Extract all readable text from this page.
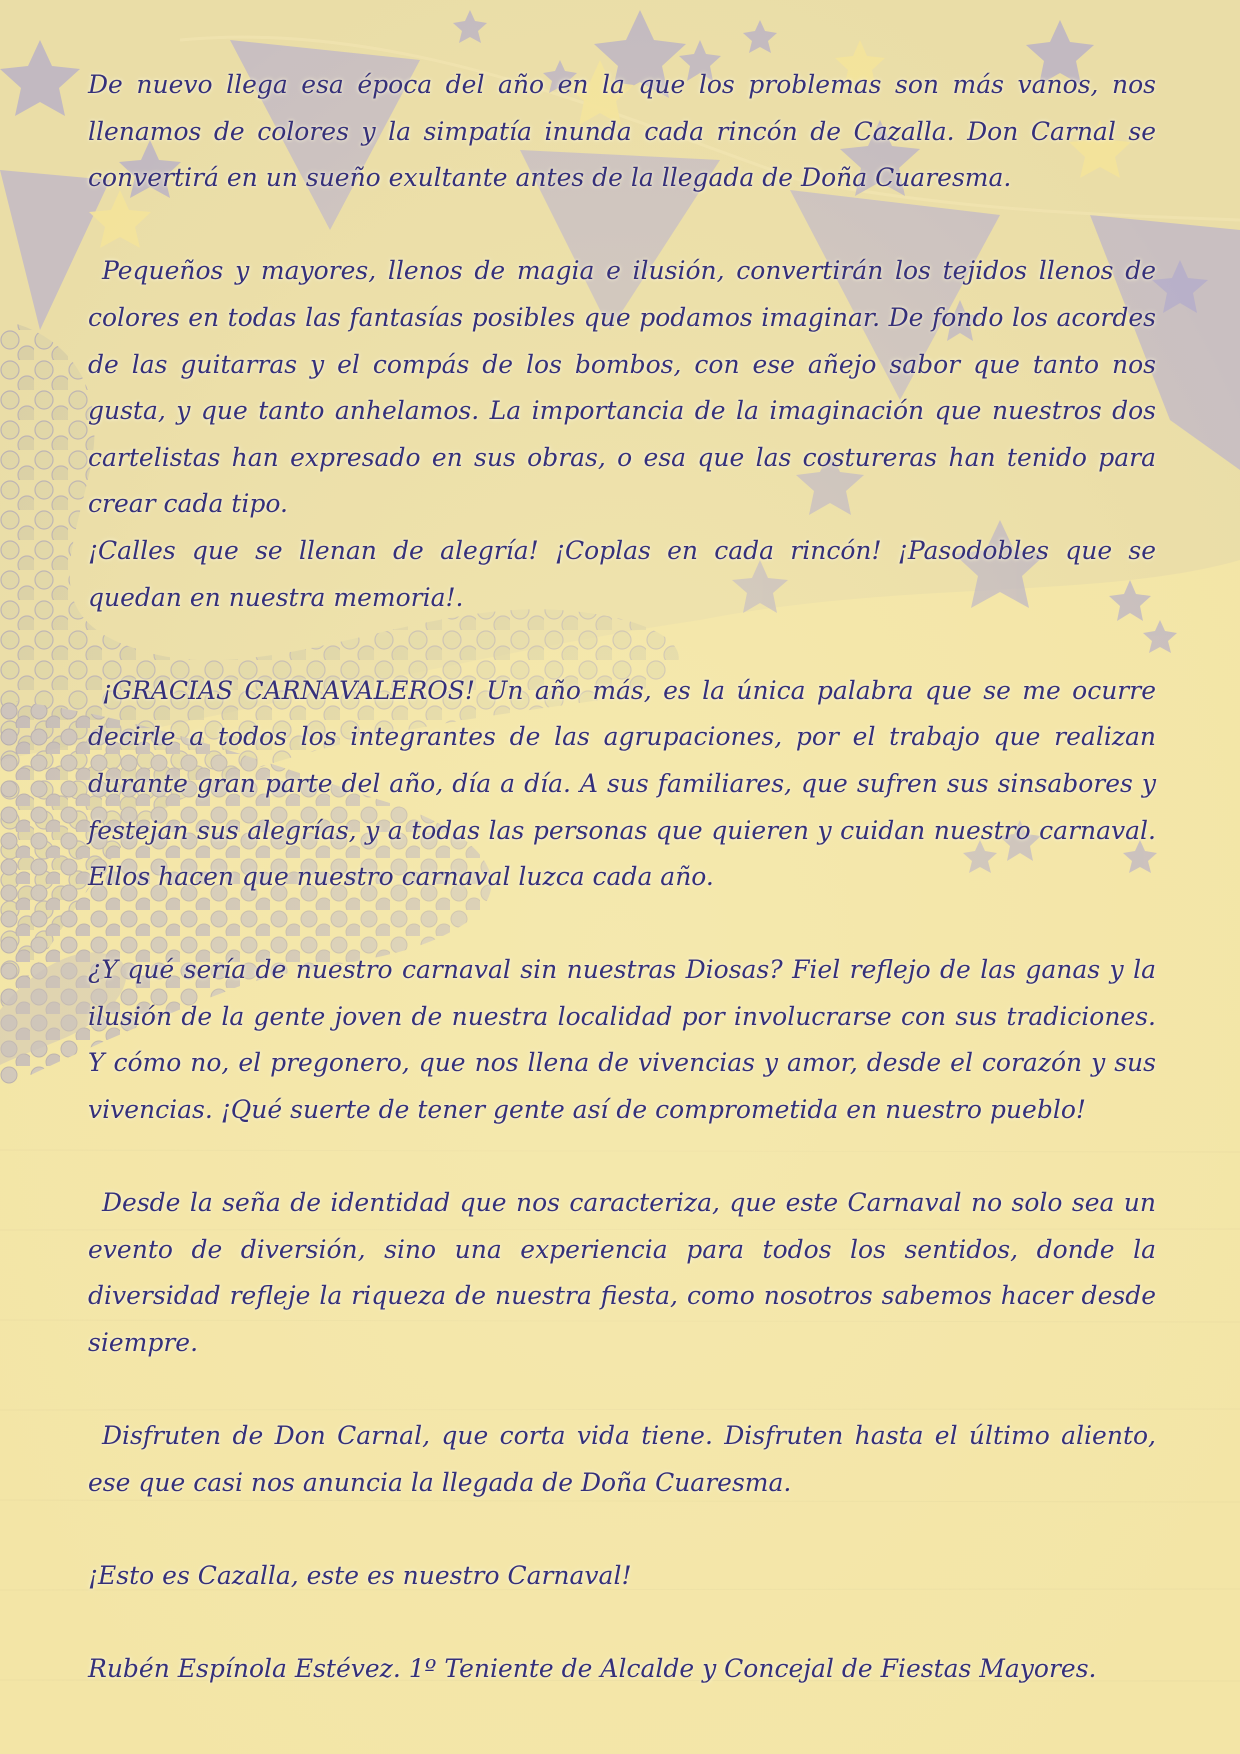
De nuevo llega esa época del año en la que los problemas son más vanos, nos llenamos de colores y la simpatía inunda cada rincón de Cazalla. Don Carnal se convertirá en un sueño exultante antes de la llegada de Doña Cuaresma.

Pequeños y mayores, llenos de magia e ilusión, convertirán los tejidos llenos de colores en todas las fantasías posibles que podamos imaginar. De fondo los acordes de las guitarras y el compás de los bombos, con ese añejo sabor que tanto nos gusta, y que tanto anhelamos. La importancia de la imaginación que nuestros dos cartelistas han expresado en sus obras, o esa que las costureras han tenido para crear cada tipo.

¡Calles que se llenan de alegría! ¡Coplas en cada rincón! ¡Pasodobles que se quedan en nuestra memoria!.

¡GRACIAS CARNAVALEROS! Un año más, es la única palabra que se me ocurre decirle a todos los integrantes de las agrupaciones, por el trabajo que realizan durante gran parte del año, día a día. A sus familiares, que sufren sus sinsabores y festejan sus alegrías, y a todas las personas que quieren y cuidan nuestro carnaval. Ellos hacen que nuestro carnaval luzca cada año.

¿Y qué sería de nuestro carnaval sin nuestras Diosas? Fiel reflejo de las ganas y la ilusión de la gente joven de nuestra localidad por involucrarse con sus tradiciones. Y cómo no, el pregonero, que nos llena de vivencias y amor, desde el corazón y sus vivencias. ¡Qué suerte de tener gente así de comprometida en nuestro pueblo!

Desde la seña de identidad que nos caracteriza, que este Carnaval no solo sea un evento de diversión, sino una experiencia para todos los sentidos, donde la diversidad refleje la riqueza de nuestra fiesta, como nosotros sabemos hacer desde siempre.

Disfruten de Don Carnal, que corta vida tiene. Disfruten hasta el último aliento, ese que casi nos anuncia la llegada de Doña Cuaresma.

¡Esto es Cazalla, este es nuestro Carnaval!

Rubén Espínola Estévez. 1º Teniente de Alcalde y Concejal de Fiestas Mayores.
